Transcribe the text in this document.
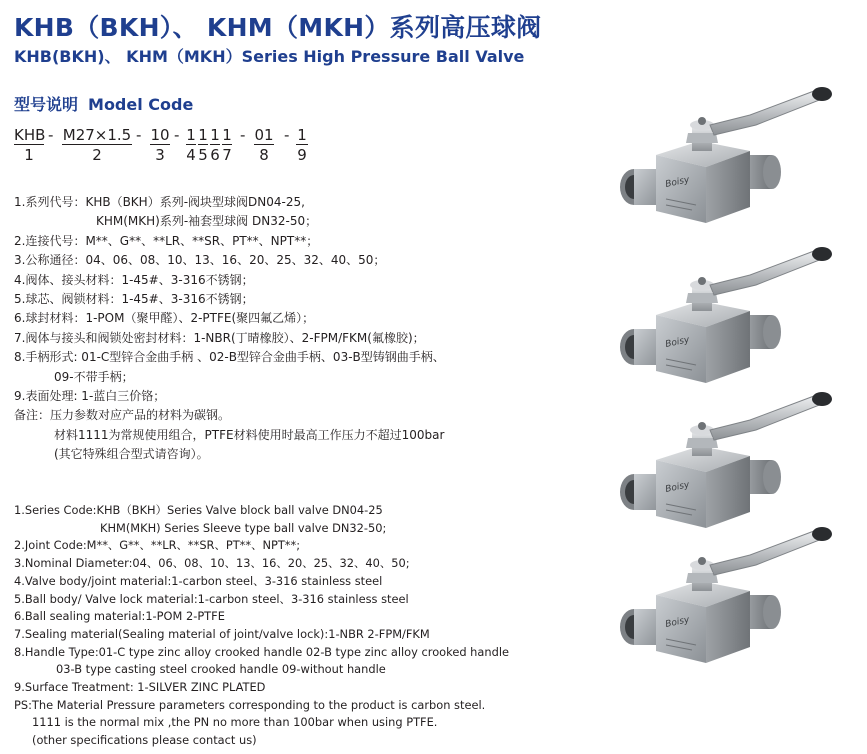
KHB（BKH）、 KHM（MKH）系列高压球阀
KHB(BKH)、 KHM（MKH）Series High Pressure Ball Valve
型号说明 Model Code
KHB
1
- M27×1.5
2
- 10
3
- 1
4
1
5
1
6
1
7
- 01
8
- 1
9
1.系列代号：KHB（BKH）系列-阀块型球阀DN04-25,
KHM(MKH)系列-袖套型球阀 DN32-50；
2.连接代号：M**、G**、**LR、**SR、PT**、NPT**；
3.公称通径：04、06、08、10、13、16、20、25、32、40、50；
4.阀体、接头材料：1-45#、3-316不锈钢；
5.球芯、阀锁材料：1-45#、3-316不锈钢；
6.球封材料：1-POM（聚甲醛）、2-PTFE(聚四氟乙烯）；
7.阀体与接头和阀锁处密封材料：1-NBR(丁晴橡胶）、2-FPM/FKM(氟橡胶)；
8.手柄形式: 01-C型锌合金曲手柄 、02-B型锌合金曲手柄、03-B型铸钢曲手柄、
09-不带手柄；
9.表面处理: 1-蓝白三价铬；
备注：压力参数对应产品的材料为碳钢。
材料1111为常规使用组合，PTFE材料使用时最高工作压力不超过100bar
(其它特殊组合型式请咨询）。
1.Series Code:KHB（BKH）Series Valve block ball valve DN04-25
KHM(MKH) Series Sleeve type ball valve DN32-50;
2.Joint Code:M**、G**、**LR、**SR、PT**、NPT**;
3.Nominal Diameter:04、06、08、10、13、16、20、25、32、40、50;
4.Valve body/joint material:1-carbon steel、3-316 stainless steel
5.Ball body/ Valve lock material:1-carbon steel、3-316 stainless steel
6.Ball sealing material:1-POM 2-PTFE
7.Sealing material(Sealing material of joint/valve lock):1-NBR 2-FPM/FKM
8.Handle Type:01-C type zinc alloy crooked handle 02-B type zinc alloy crooked handle
03-B type casting steel crooked handle 09-without handle
9.Surface Treatment: 1-SILVER ZINC PLATED
PS:The Material Pressure parameters corresponding to the product is carbon steel.
1111 is the normal mix ,the PN no more than 100bar when using PTFE.
(other specifications please contact us)
Boisy
Boisy
Boisy
Boisy
